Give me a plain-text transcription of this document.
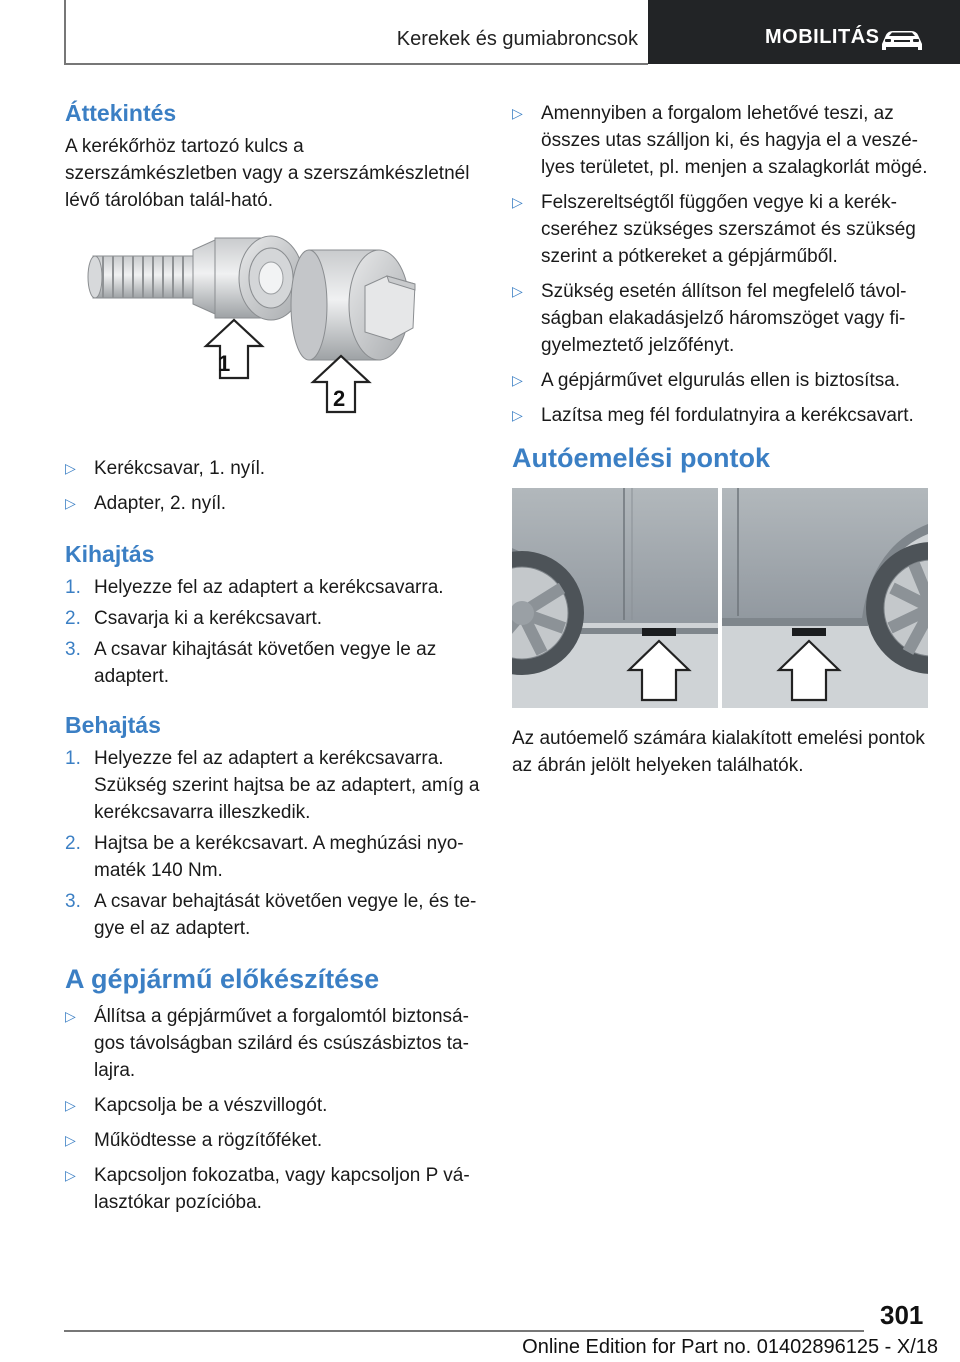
Kerekek és gumiabroncsok	MOBILITÁS
Áttekintés

A kerékőrhöz tartozó kulcs a szerszámkészletben vagy a szerszámkészletnél lévő tárolóban talál-ható.

1
2
▷ Kerékcsavar, 1. nyíl.
▷ Adapter, 2. nyíl.
Kihajtás
1. Helyezze fel az adaptert a kerékcsavarra.
2. Csavarja ki a kerékcsavart.
3. A csavar kihajtását követően vegye le az adaptert.
Behajtás
1. Helyezze fel az adaptert a kerékcsavarra. Szükség szerint hajtsa be az adaptert, amíg a kerékcsavarra illeszkedik.
2. Hajtsa be a kerékcsavart. A meghúzási nyo-maték 140 Nm.
3. A csavar behajtását követően vegye le, és te-gye el az adaptert.
A gépjármű előkészítése
▷ Állítsa a gépjárművet a forgalomtól biztonsá-gos távolságban szilárd és csúszásbiztos ta-lajra.
▷ Kapcsolja be a vészvillogót.
▷ Működtesse a rögzítőféket.
▷ Kapcsoljon fokozatba, vagy kapcsoljon P vá-lasztókar pozícióba.
▷ Amennyiben a forgalom lehetővé teszi, az összes utas szálljon ki, és hagyja el a veszé-lyes területet, pl. menjen a szalagkorlát mögé.
▷ Felszereltségtől függően vegye ki a kerék-cseréhez szükséges szerszámot és szükség szerint a pótkereket a gépjárműből.
▷ Szükség esetén állítson fel megfelelő távol-ságban elakadásjelző háromszöget vagy fi-gyelmeztető jelzőfényt.
▷ A gépjárművet elgurulás ellen is biztosítsa.
▷ Lazítsa meg fél fordulatnyira a kerékcsavart.
Autóemelési pontok

Az autóemelő számára kialakított emelési pontok az ábrán jelölt helyeken találhatók.

301
Online Edition for Part no. 01402896125 - X/18
